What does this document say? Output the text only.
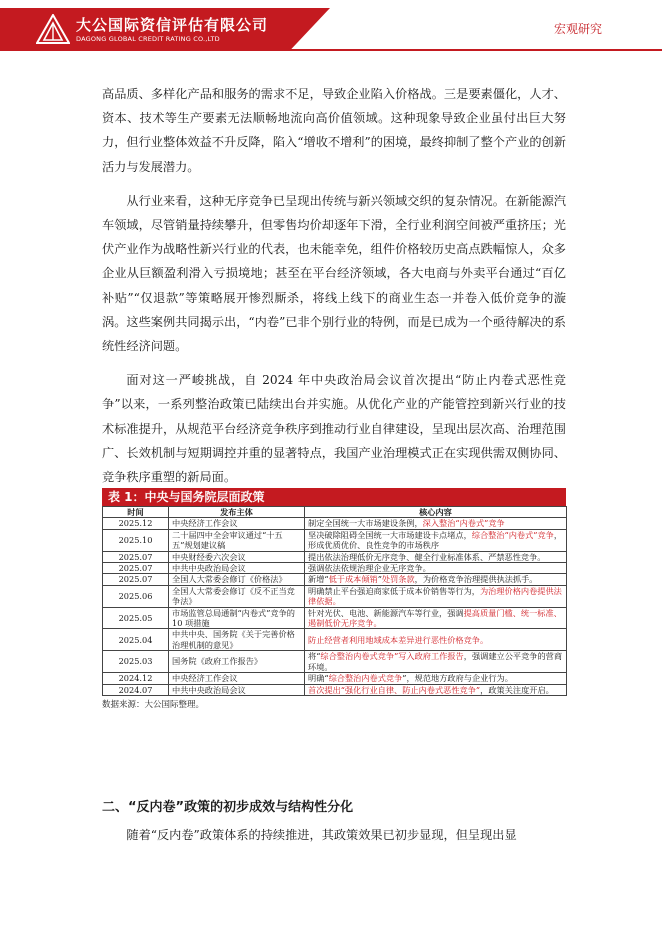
大公国际资信评估有限公司
DAGONG GLOBAL CREDIT RATING CO.,LTD
宏观研究

高品质、多样化产品和服务的需求不足，导致企业陷入价格战。三是要素僵化，人才、资本、技术等生产要素无法顺畅地流向高价值领域。这种现象导致企业虽付出巨大努力，但行业整体效益不升反降，陷入“增收不增利”的困境，最终抑制了整个产业的创新活力与发展潜力。

从行业来看，这种无序竞争已呈现出传统与新兴领域交织的复杂情况。在新能源汽车领域，尽管销量持续攀升，但零售均价却逐年下滑，全行业利润空间被严重挤压；光伏产业作为战略性新兴行业的代表，也未能幸免，组件价格较历史高点跌幅惊人，众多企业从巨额盈利滑入亏损境地；甚至在平台经济领域，各大电商与外卖平台通过“百亿补贴”“仅退款”等策略展开惨烈厮杀，将线上线下的商业生态一并卷入低价竞争的漩涡。这些案例共同揭示出，“内卷”已非个别行业的特例，而是已成为一个亟待解决的系统性经济问题。

面对这一严峻挑战，自 2024 年中央政治局会议首次提出“防止内卷式恶性竞争”以来，一系列整治政策已陆续出台并实施。从优化产业的产能管控到新兴行业的技术标准提升，从规范平台经济竞争秩序到推动行业自律建设，呈现出层次高、治理范围广、长效机制与短期调控并重的显著特点，我国产业治理模式正在实现供需双侧协同、竞争秩序重塑的新局面。

表 1：中央与国务院层面政策
时间	发布主体	核心内容
2025.12	中央经济工作会议	制定全国统一大市场建设条例，深入整治“内卷式”竞争
2025.10	二十届四中全会审议通过“十五五”规划建议稿	坚决破除阻碍全国统一大市场建设卡点堵点，综合整治“内卷式”竞争，形成优质优价、良性竞争的市场秩序
2025.07	中央财经委六次会议	提出依法治理低价无序竞争、健全行业标准体系、严禁恶性竞争。
2025.07	中共中央政治局会议	强调依法依规治理企业无序竞争。
2025.07	全国人大常委会修订《价格法》	新增“低于成本倾销”处罚条款，为价格竞争治理提供执法抓手。
2025.06	全国人大常委会修订《反不正当竞争法》	明确禁止平台强迫商家低于成本价销售等行为，为治理价格内卷提供法律依据。
2025.05	市场监管总局通制“内卷式”竞争的 10 项措施	针对光伏、电池、新能源汽车等行业，强调提高质量门槛、统一标准、遏制低价无序竞争。
2025.04	中共中央、国务院《关于完善价格治理机制的意见》	防止经营者利用地域成本差异进行恶性价格竞争。
2025.03	国务院《政府工作报告》	将“综合整治内卷式竞争”写入政府工作报告，强调建立公平竞争的营商环境。
2024.12	中央经济工作会议	明确“综合整治内卷式竞争”，规范地方政府与企业行为。
2024.07	中共中央政治局会议	首次提出“强化行业自律、防止内卷式恶性竞争”，政策关注度开启。
数据来源：大公国际整理。
二、“反内卷”政策的初步成效与结构性分化

随着“反内卷”政策体系的持续推进，其政策效果已初步显现，但呈现出显
